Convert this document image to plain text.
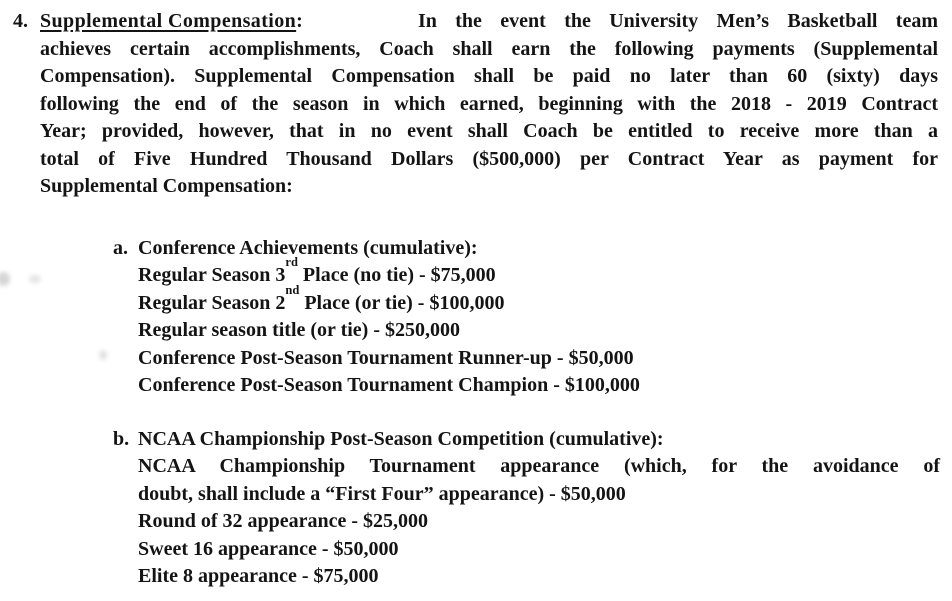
4. Supplemental Compensation:	In the event the University Men’s Basketball team
achieves certain accomplishments, Coach shall earn the following payments (Supplemental
Compensation). Supplemental Compensation shall be paid no later than 60 (sixty) days
following the end of the season in which earned, beginning with the 2018 - 2019 Contract
Year; provided, however, that in no event shall Coach be entitled to receive more than a
total of Five Hundred Thousand Dollars ($500,000) per Contract Year as payment for
Supplemental Compensation:
a. Conference Achievements (cumulative):
Regular Season 3rd Place (no tie) - $75,000
Regular Season 2nd Place (or tie) - $100,000
Regular season title (or tie) - $250,000
Conference Post-Season Tournament Runner-up - $50,000
Conference Post-Season Tournament Champion - $100,000
b. NCAA Championship Post-Season Competition (cumulative):
NCAA Championship Tournament appearance (which, for the avoidance of
doubt, shall include a “First Four” appearance) - $50,000
Round of 32 appearance - $25,000
Sweet 16 appearance - $50,000
Elite 8 appearance - $75,000
